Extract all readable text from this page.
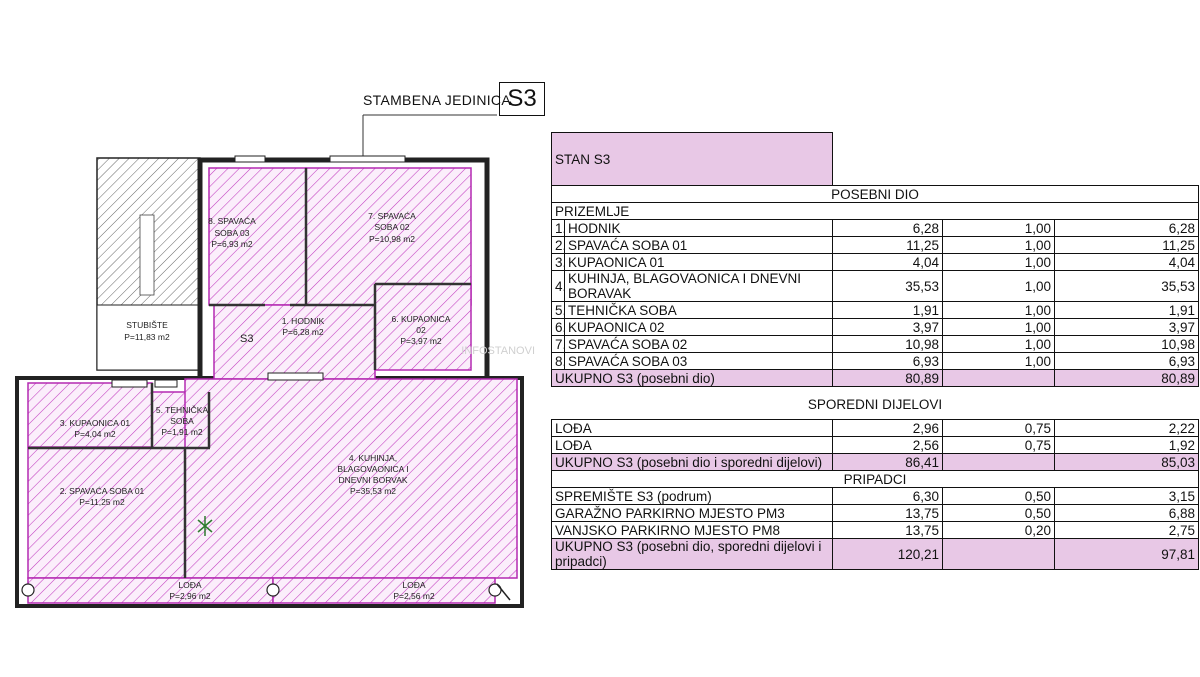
STAMBENA JEDINICA
S3
8. SPAVAĆA
SOBA 03
P=6,93 m2
7. SPAVAĆA
SOBA 02
P=10,98 m2
STUBIŠTE
P=11,83 m2
1. HODNIK
P=6,28 m2
6. KUPAONICA
02
P=3,97 m2
3. KUPAONICA 01
P=4,04 m2
5. TEHNIČKA
SOBA
P=1,91 m2
4. KUHINJA,
BLAGOVAONICA I
DNEVNI BORVAK
P=35,53 m2
2. SPAVAĆA SOBA 01
P=11,25 m2
LOĐA
P=2,96 m2
LOĐA
P=2,56 m2
S3
INFOSTANOVI
STAN S3				
POSEBNI DIO				
PRIZEMLJE				
1.	HODNIK	6,28	1,00	6,28
2.	SPAVAĆA SOBA 01	11,25	1,00	11,25
3.	KUPAONICA 01	4,04	1,00	4,04
4.	KUHINJA, BLAGOVAONICA I DNEVNI BORAVAK	35,53	1,00	35,53
5.	TEHNIČKA SOBA	1,91	1,00	1,91
6.	KUPAONICA 02	3,97	1,00	3,97
7.	SPAVAĆA SOBA 02	10,98	1,00	10,98
8.	SPAVAĆA SOBA 03	6,93	1,00	6,93
UKUPNO S3 (posebni dio)		80,89		80,89

SPOREDNI DIJELOVI				

LOĐA		2,96	0,75	2,22
LOĐA		2,56	0,75	1,92
UKUPNO S3 (posebni dio i sporedni dijelovi)		86,41		85,03
PRIPADCI				
SPREMIŠTE S3 (podrum)		6,30	0,50	3,15
GARAŽNO PARKIRNO MJESTO PM3		13,75	0,50	6,88
VANJSKO PARKIRNO MJESTO PM8		13,75	0,20	2,75
UKUPNO S3 (posebni dio, sporedni dijelovi i pripadci)		120,21		97,81
